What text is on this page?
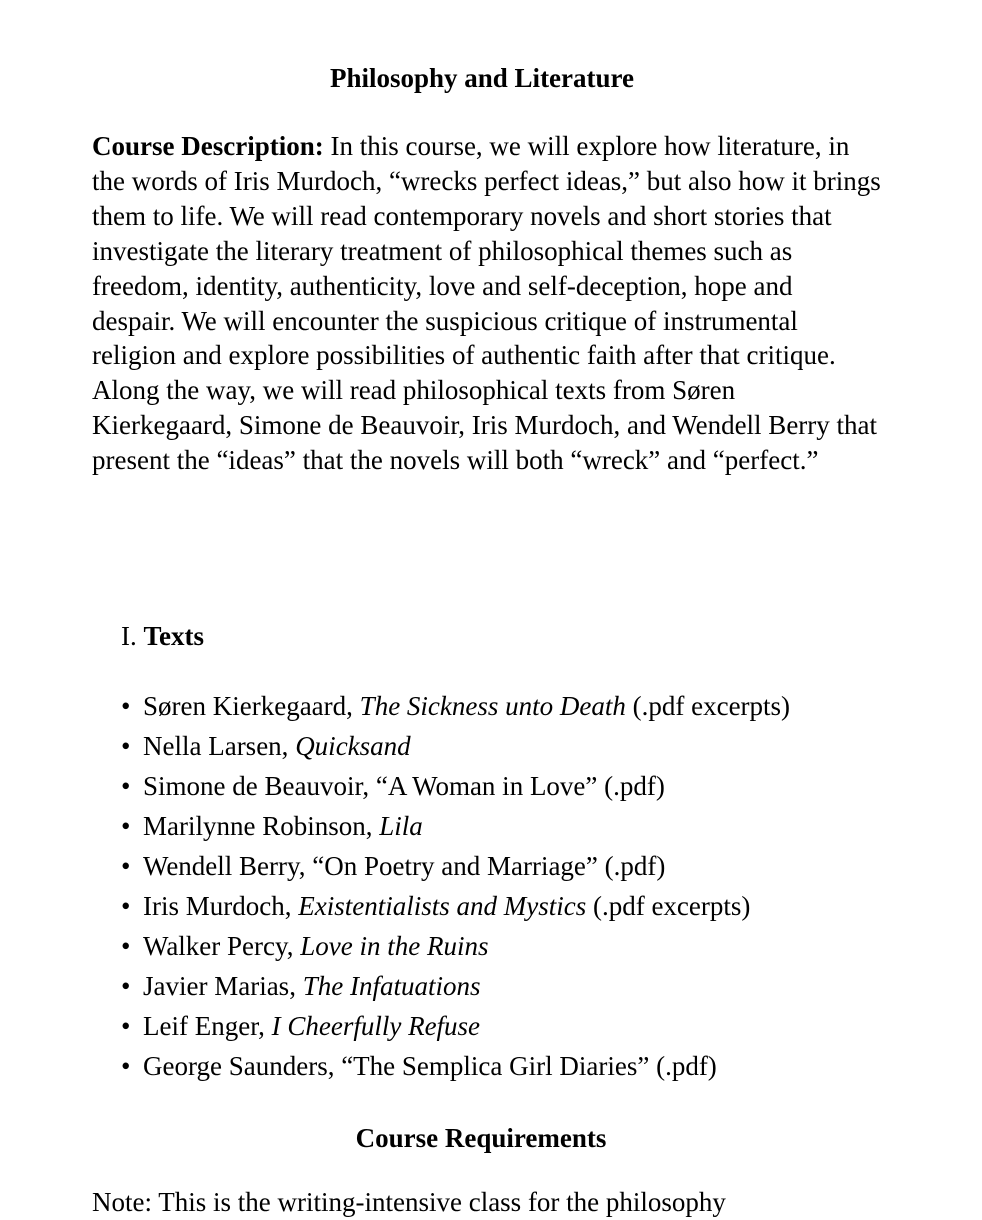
Philosophy and Literature

Course Description: In this course, we will explore how literature, in the words of Iris Murdoch, “wrecks perfect ideas,” but also how it brings them to life. We will read contemporary novels and short stories that investigate the literary treatment of philosophical themes such as freedom, identity, authenticity, love and self-deception, hope and despair. We will encounter the suspicious critique of instrumental religion and explore possibilities of authentic faith after that critique. Along the way, we will read philosophical texts from Søren Kierkegaard, Simone de Beauvoir, Iris Murdoch, and Wendell Berry that present the “ideas” that the novels will both “wreck” and “perfect.”

I. Texts
• Søren Kierkegaard, The Sickness unto Death (.pdf excerpts)
• Nella Larsen, Quicksand
• Simone de Beauvoir, “A Woman in Love” (.pdf)
• Marilynne Robinson, Lila
• Wendell Berry, “On Poetry and Marriage” (.pdf)
• Iris Murdoch, Existentialists and Mystics (.pdf excerpts)
• Walker Percy, Love in the Ruins
• Javier Marias, The Infatuations
• Leif Enger, I Cheerfully Refuse
• George Saunders, “The Semplica Girl Diaries” (.pdf)
Course Requirements
Note: This is the writing-intensive class for the philosophy
